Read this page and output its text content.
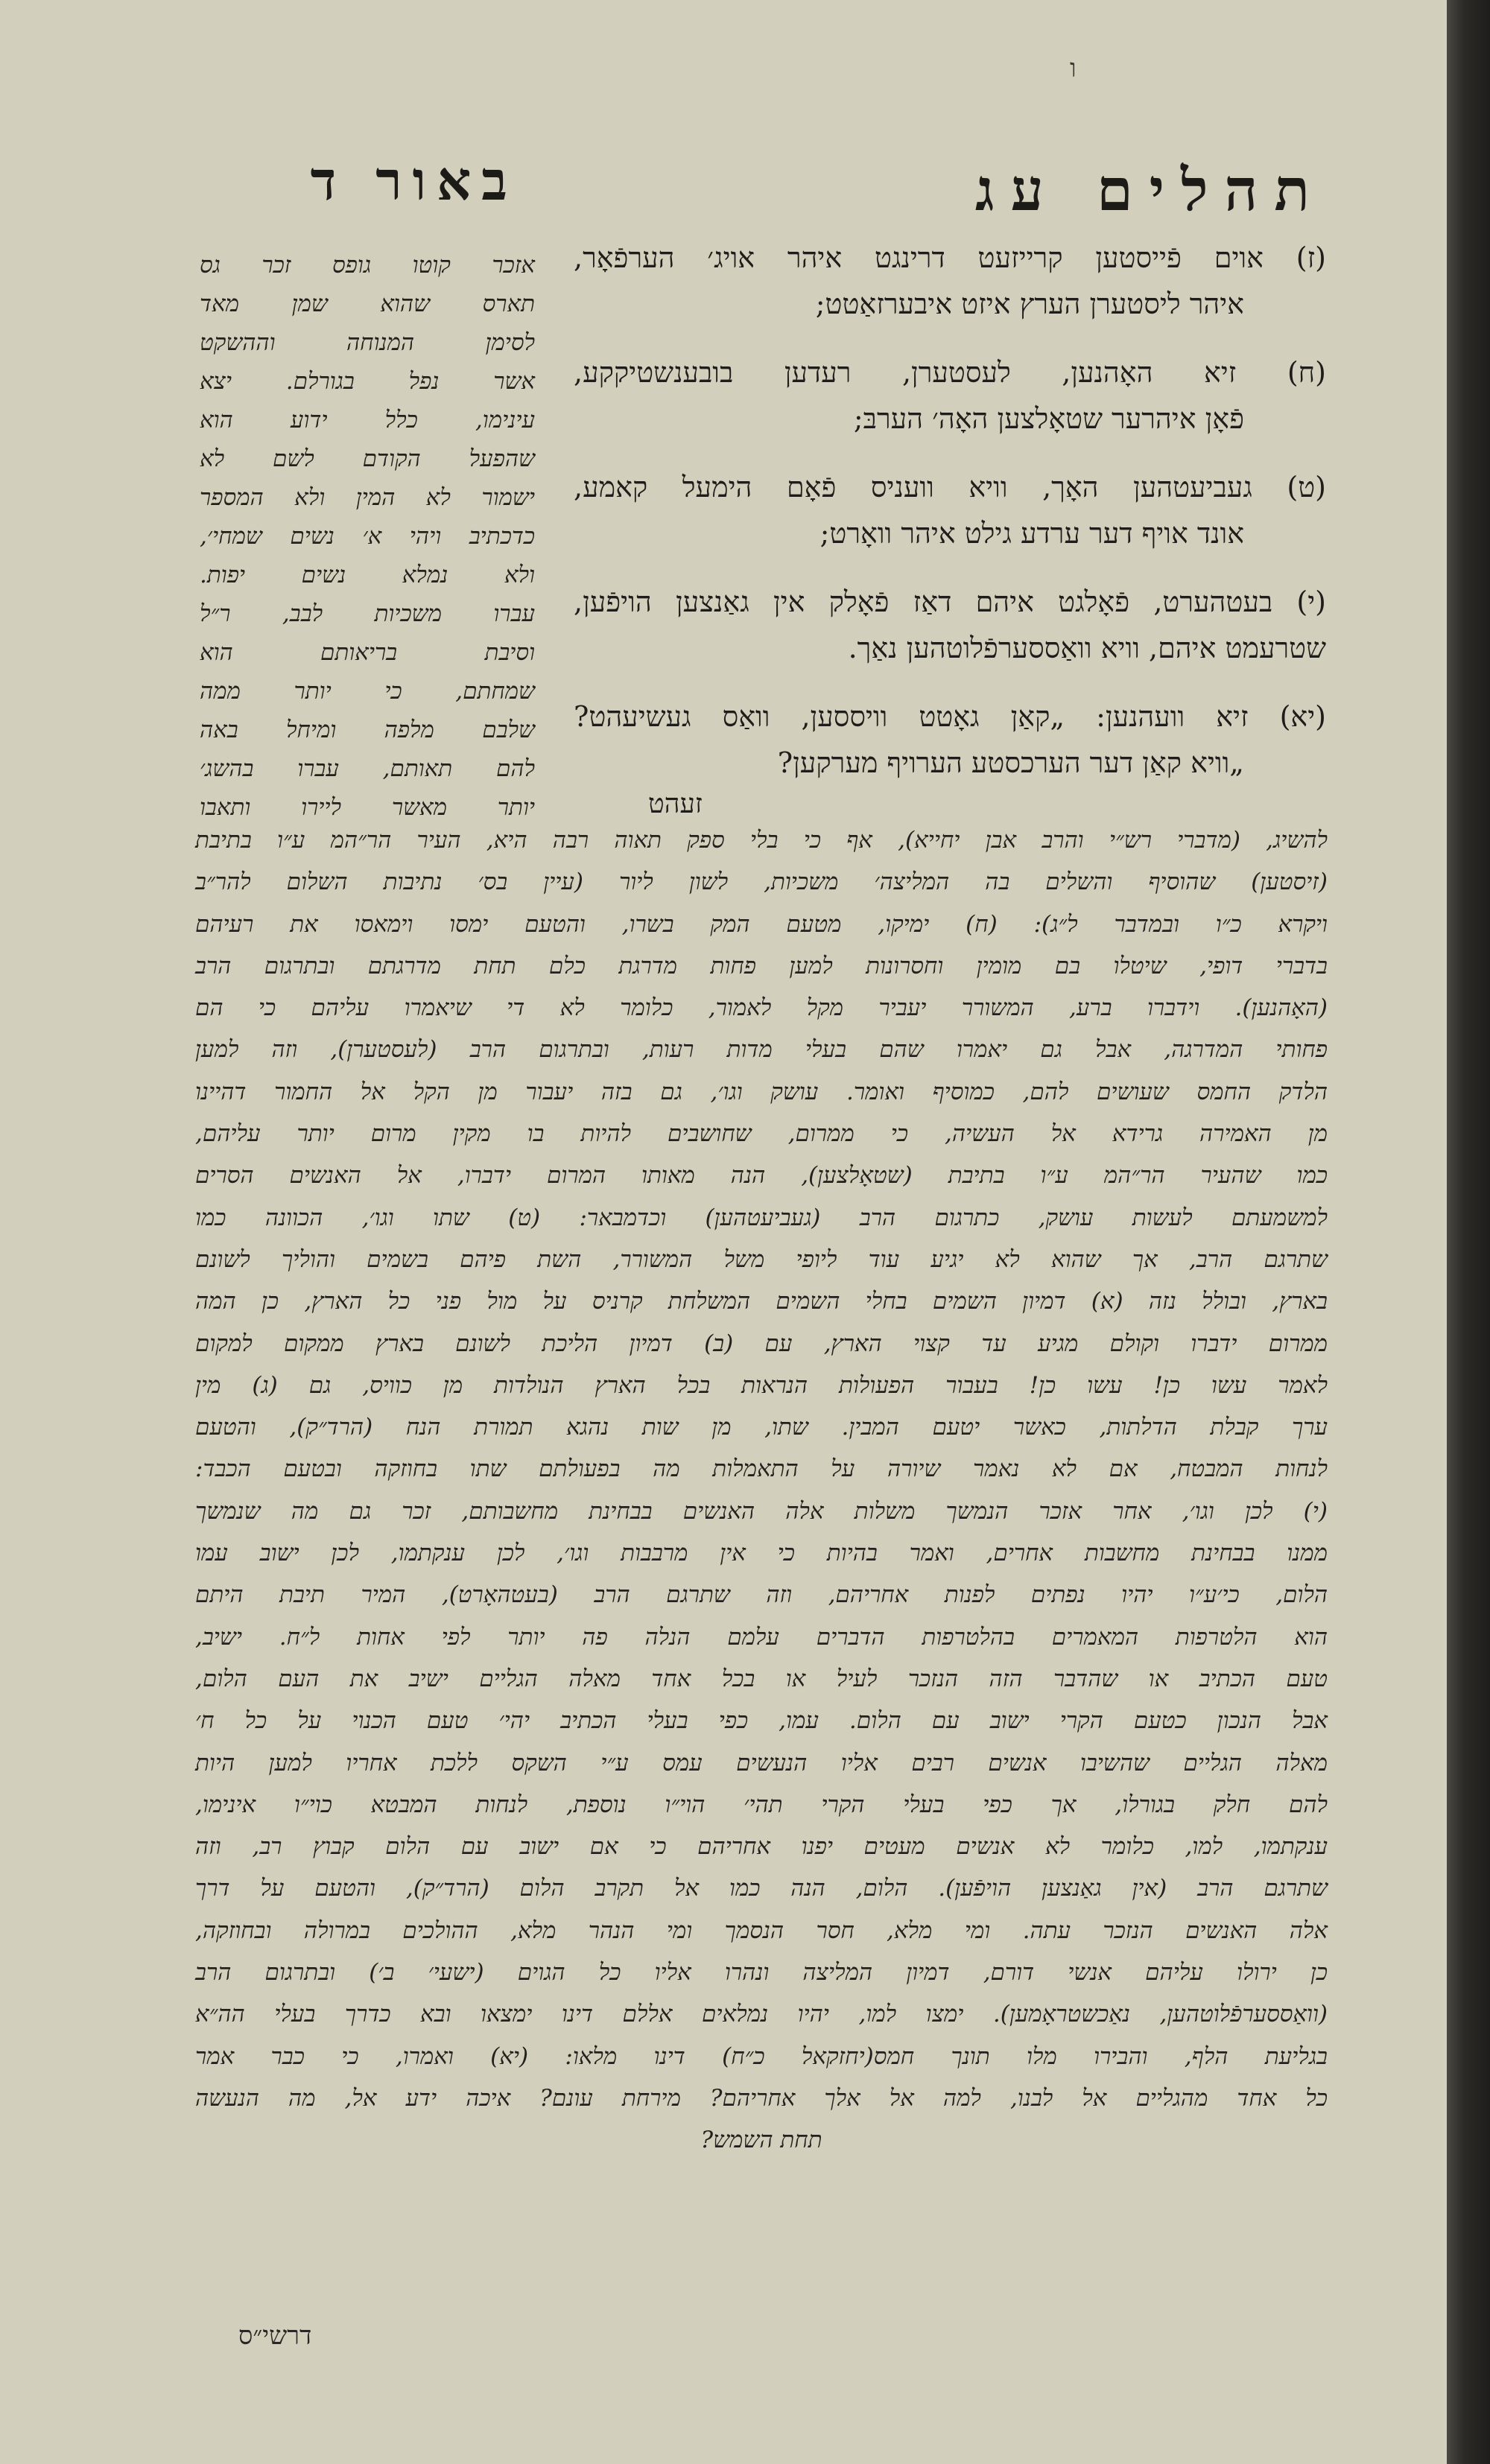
ו
תהלים עג
באור ד
(ז) אוים פֿייסטען קרייזעט דרינגט איהר אויג׳ הערפֿאָר,
איהר ליסטערן הערץ איזט איבערזאַטט;
(ח) זיא האָהנען, לעסטערן, רעדען בובענשטיקקע,
פֿאָן איהרער שטאָלצען האָה׳ הערבּ;
(ט) געביעטהען האָך, וויא וועניס פֿאָם הימעל קאמע,
אונד אויף דער ערדע גילט איהר וואָרט;
(י) בעטהערט, פֿאָלגט איהם דאַז פֿאָלק אין גאַנצען הויפֿען,
שטרעמט איהם, וויא וואַססערפֿלוטהען נאַך.
(יא) זיא וועהנען: „קאַן גאָטט וויססען, וואַס געשיעהט?
„וויא קאַן דער הערכסטע הערויף מערקען?
אזכר קוטו גופס זכר גס
תארס שהוא שמן מאד
לסימן המנוחה והה‫שקט
אשר נפל בגורלם. יצא
עינימו, כלל ידוע הוא
שהפעל הקודם לשם לא
ישמור לא המין ולא המספר
כדכתיב ויהי א׳ נשים שמחי׳,
ולא נמלא נשים יפות.
עברו משכיות לבב, ר״ל
וסיבת בריאותם הוא
שמחתם, כי יותר ממה
שלבם מלפה ומיחל באה
להם תאותם, עברו בהשג׳
יותר מאשר ליירו ותאבו	זעהט
להשיג, (מדברי רש״י והרב אבן יחייא), אף כי בלי ספק תאוה רבה היא, העיר הר״המ ע״ו בתיבת
(זיסטען) שהוסיף והשלים בה המליצה׳ משכיות, לשון ליור (עיין בס׳ נתיבות השלום להר״ב
ויקרא כ״ו ובמדבר ל״ג): (ח) ימיקו, מטעם המק בשרו, והטעם ימסו וימאסו את רעיהם
בדברי דופי, שיטלו בם מומין וחסרונות למען פחות מדרגת כלם תחת מדרגתם ובתרגום הרב
(האָהנען). וידברו ברע, המשורר יעביר מקל לאמור, כלומר לא די שיאמרו עליהם כי הם
פחותי המדרגה, אבל גם יאמרו שהם בעלי מדות רעות, ובתרגום הרב (לעסטערן), וזה למען
הלדק החמס שעושים להם, כמוסיף ואומר. עושק וגו׳, גם בזה יעבור מן הקל אל החמור דהיינו
מן האמירה גרידא אל העשיה, כי ממרום, שחושבים להיות בו מקין מרום יותר עליהם,
כמו שהעיר הר״המ ע״ו בתיבת (שטאָלצען), הנה מאותו המרום ידברו, אל האנשים הסרים
למשמעתם לעשות עושק, כתרגום הרב (געביעטהען) וכדמבאר: (ט) שתו וגו׳, הכוונה כמו
שתרגם הרב, אך שהוא לא יגיע עוד ליופי משל המשורר, השת פיהם בשמים והוליך לשונם
בארץ, ובולל נזה (א) דמיון השמים בחלי השמים המשלחת קרניס על מול פני כל הארץ, כן המה
ממרום ידברו וקולם מגיע עד קצוי הארץ, עם (ב) דמיון הליכת לשונם בארץ ממקום למקום
לאמר עשו כן! עשו כן! בעבור הפעולות הנראות בכל הארץ הנולדות מן כוויס, גם (ג) מין
ערך קבלת הדלתות, כאשר יטעם המבין. שתו, מן שות נהגא תמורת הנח (הרד״ק), והטעם
לנחות המבטח, אם לא נאמר שיורה על התאמלות מה בפעולתם שתו בחוזקה ובטעם הכבד:
(י) לכן וגו׳, אחר אזכר הנמשך משלות אלה האנשים בבחינת מחשבותם, זכר גם מה שנמשך
ממנו בבחינת מחשבות אחרים, ואמר בהיות כי אין מרבבות וגו׳, לכן ענקתמו, לכן ישוב עמו
הלום, כי׳ע״ו יהיו נפתים לפנות אחריהם, וזה שתרגם הרב (בעטהאָרט), המיר תיבת היתם
הוא הלטרפות המאמרים בהלטרפות הדברים עלמם הנלה פה יותר לפי אחות ל״ח. ישיב,
טעם הכתיב או שהדבר הזה הנזכר לעיל או בכל אחד מאלה הגליים ישיב את העם הלום,
אבל הנכון כטעם הקרי ישוב עם הלום. עמו, כפי בעלי הכתיב יהי׳ טעם הכנוי על כל ח׳
מאלה הגליים שהשיבו אנשים רבים אליו הנעשים עמס ע״י השקס ללכת אחריו למען היות
להם חלק בגורלו, אך כפי בעלי הקרי תהי׳ הוי״ו נוספת, לנחות המבטא כוי״ו אינימו,
ענקתמו, למו, כלומר לא אנשים מעטים יפנו אחריהם כי אם ישוב עם הלום קבוץ רב, וזה
שתרגם הרב (אין גאַנצען הויפֿען). הלום, הנה כמו אל תקרב הלום (הרד״ק), והטעם על דרך
אלה האנשים הנזכר עתה. ומי מלא, חסר הנסמך ומי הנהר מלא, ההולכים במרולה ובחוזקה,
כן ירולו עליהם אנשי דורם, דמיון המליצה ונהרו אליו כל הגוים (ישעי׳ ב׳) ובתרגום הרב
(וואַססערפֿלוטהען, נאַכשטראָמען). ימצו למו, יהיו נמלאים אללם דינו ימצאו ובא כדרך בעלי הה״א
בגליעת הלף, והבירו מלו תונך חמס(יחזקאל כ״ח) דינו מלאו: (יא) ואמרו, כי כבר אמר
כל אחד מהגליים אל לבנו, למה אל אלך אחריהם? מירחת עונם? איכה ידע אל, מה הנעשה
תחת השמש?
דרשי״ס
